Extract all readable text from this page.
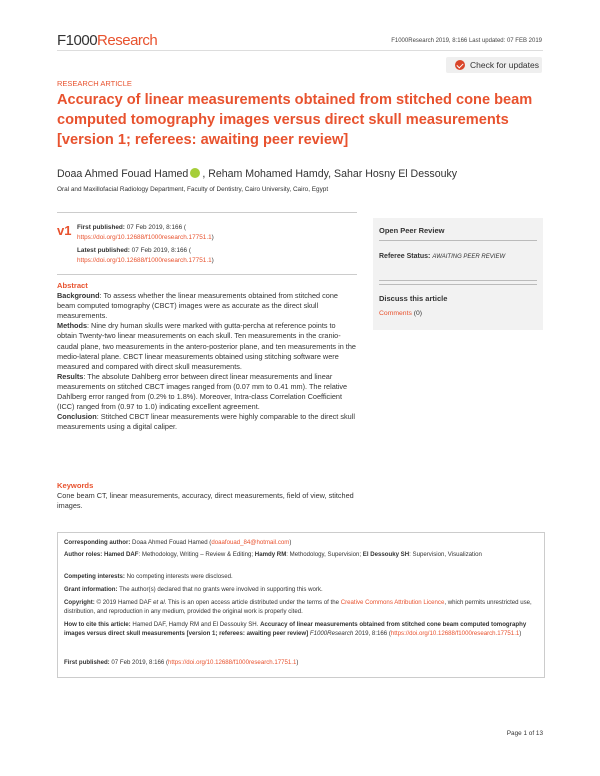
F1000Research	F1000Research 2019, 8:166 Last updated: 07 FEB 2019
Check for updates
RESEARCH ARTICLE
Accuracy of linear measurements obtained from stitched cone beam computed tomography images versus direct skull measurements [version 1; referees: awaiting peer review]
Doaa Ahmed Fouad Hamed , Reham Mohamed Hamdy, Sahar Hosny El Dessouky
Oral and Maxillofacial Radiology Department, Faculty of Dentistry, Cairo University, Cairo, Egypt
v1 First published: 07 Feb 2019, 8:166 (
https://doi.org/10.12688/f1000research.17751.1)
Latest published: 07 Feb 2019, 8:166 (
https://doi.org/10.12688/f1000research.17751.1)
Abstract

Background: To assess whether the linear measurements obtained from stitched cone beam computed tomography (CBCT) images were as accurate as the direct skull measurements.

Methods: Nine dry human skulls were marked with gutta-percha at reference points to obtain Twenty-two linear measurements on each skull. Ten measurements in the cranio-caudal plane, two measurements in the antero-posterior plane, and ten measurements in the medio-lateral plane. CBCT linear measurements obtained using stitching software were measured and compared with direct skull measurements.

Results: The absolute Dahlberg error between direct linear measurements and linear measurements on stitched CBCT images ranged from (0.07 mm to 0.41 mm). The relative Dahlberg error ranged from (0.2% to 1.8%). Moreover, Intra-class Correlation Coefficient (ICC) ranged from (0.97 to 1.0) indicating excellent agreement.

Conclusion: Stitched CBCT linear measurements were highly comparable to the direct skull measurements using a digital caliper.

Keywords

Cone beam CT, linear measurements, accuracy, direct measurements, field of view, stitched images.

Open Peer Review
Referee Status: AWAITING PEER REVIEW
Discuss this article
Comments (0)
Corresponding author: Doaa Ahmed Fouad Hamed (doaafouad_84@hotmail.com)
Author roles: Hamed DAF: Methodology, Writing – Review & Editing; Hamdy RM: Methodology, Supervision; El Dessouky SH: Supervision, Visualization
Competing interests: No competing interests were disclosed.
Grant information: The author(s) declared that no grants were involved in supporting this work.
Copyright: © 2019 Hamed DAF et al. This is an open access article distributed under the terms of the Creative Commons Attribution Licence, which permits unrestricted use, distribution, and reproduction in any medium, provided the original work is properly cited.
How to cite this article: Hamed DAF, Hamdy RM and El Dessouky SH. Accuracy of linear measurements obtained from stitched cone beam computed tomography images versus direct skull measurements [version 1; referees: awaiting peer review] F1000Research 2019, 8:166 (https://doi.org/10.12688/f1000research.17751.1)
First published: 07 Feb 2019, 8:166 (https://doi.org/10.12688/f1000research.17751.1)
Page 1 of 13
